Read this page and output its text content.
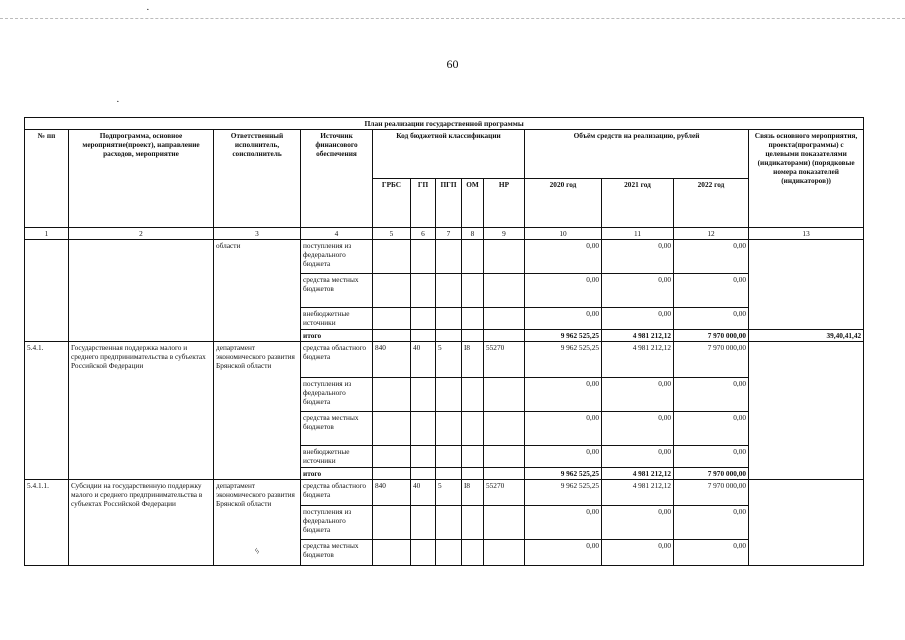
60
·
·
ᛃ
План реализации государственной программы												
№ пп	Подпрограмма, основное мероприятие(проект), направление расходов, мероприятие	Ответственный исполнитель, соисполнитель	Источник финансового обеспечения	Код бюджетной классификации					Объём средств на реализацию, рублей			Связь основного мероприятия, проекта(программы) с целевыми показателями (индикаторами) (порядковые номера показателей (индикаторов))
				ГРБС	ГП	ПГП	ОМ	НР	2020 год	2021 год	2022 год	
1	2	3	4	5	6	7	8	9	10	11	12	13
		области	поступления из федерального бюджета						0,00	0,00	0,00	
			средства местных бюджетов						0,00	0,00	0,00	
			внебюджетные источники						0,00	0,00	0,00	
			итого						9 962 525,25	4 981 212,12	7 970 000,00	39,40,41,42
5.4.1.	Государственная поддержка малого и среднего предпринимательства в субъектах Российской Федерации	департамент экономического развития Брянской области	средства областного бюджета	840	40	5	I8	55270	9 962 525,25	4 981 212,12	7 970 000,00	
			поступления из федерального бюджета						0,00	0,00	0,00	
			средства местных бюджетов						0,00	0,00	0,00	
			внебюджетные источники						0,00	0,00	0,00	
			итого						9 962 525,25	4 981 212,12	7 970 000,00	
5.4.1.1.	Субсидии на государственную поддержку малого и среднего предпринимательства в субъектах Российской Федерации	департамент экономического развития Брянской области	средства областного бюджета	840	40	5	I8	55270	9 962 525,25	4 981 212,12	7 970 000,00	
			поступления из федерального бюджета						0,00	0,00	0,00	
			средства местных бюджетов						0,00	0,00	0,00	
